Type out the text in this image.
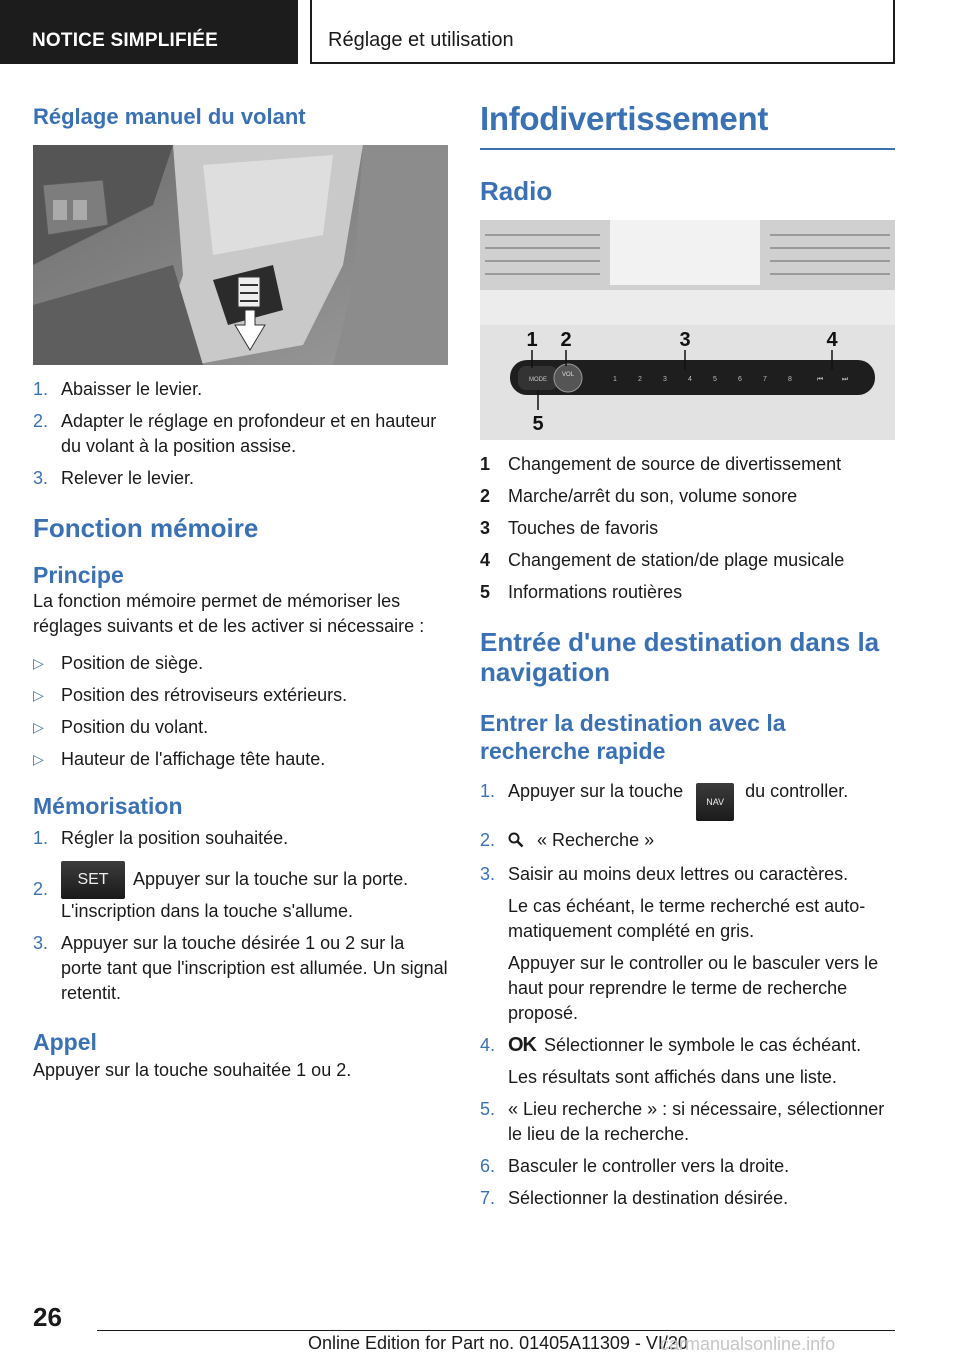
NOTICE SIMPLIFIÉE	Réglage et utilisation
Réglage manuel du volant
1. Abaisser le levier.
2. Adapter le réglage en profondeur et en hauteur du volant à la position assise.
3. Relever le levier.
Fonction mémoire
Principe

La fonction mémoire permet de mémoriser les réglages suivants et de les activer si nécessaire :

▷ Position de siège.
▷ Position des rétroviseurs extérieurs.
▷ Position du volant.
▷ Hauteur de l'affichage tête haute.
Mémorisation
1. Régler la position souhaitée.
2. SET Appuyer sur la touche sur la porte. L'inscription dans la touche s'allume.
3. Appuyer sur la touche désirée 1 ou 2 sur la porte tant que l'inscription est allumée. Un signal retentit.
Appel

Appuyer sur la touche souhaitée 1 ou 2.

Infodivertissement
Radio
MODE
VOL
1	2	3	4	5	6	7	8	⏮	⏭
1 2	3	4
5
1 Changement de source de divertissement
2 Marche/arrêt du son, volume sonore
3 Touches de favoris
4 Changement de station/de plage musicale
5 Informations routières
Entrée d'une destination dans la navigation
Entrer la destination avec la recherche rapide
1. Appuyer sur la touche NAV du controller.
2. « Recherche »
3. Saisir au moins deux lettres ou caractères.
Le cas échéant, le terme recherché est automatiquement complété en gris.
Appuyer sur le controller ou le basculer vers le haut pour reprendre le terme de recherche proposé.
4. OK Sélectionner le symbole le cas échéant.
Les résultats sont affichés dans une liste.
5. « Lieu recherche » : si nécessaire, sélectionner le lieu de la recherche.
6. Basculer le controller vers la droite.
7. Sélectionner la destination désirée.
26
Online Edition for Part no. 01405A11309 - VI/20
carmanualsonline.info
